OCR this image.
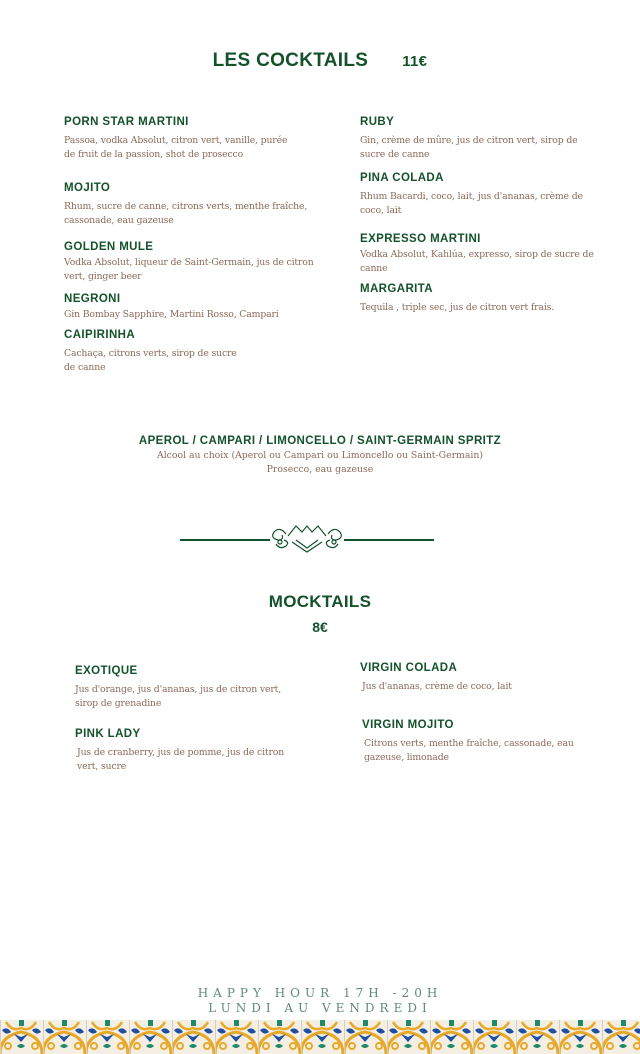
LES COCKTAILS 11€
PORN STAR MARTINI
Passoa, vodka Absolut, citron vert, vanille, purée
de fruit de la passion, shot de prosecco
MOJITO
Rhum, sucre de canne, citrons verts, menthe fraîche,
cassonade, eau gazeuse
GOLDEN MULE
Vodka Absolut, liqueur de Saint-Germain, jus de citron
vert, ginger beer
NEGRONI
Gin Bombay Sapphire, Martini Rosso, Campari
CAIPIRINHA
Cachaça, citrons verts, sirop de sucre
de canne
RUBY
Gin, crème de mûre, jus de citron vert, sirop de
sucre de canne
PINA COLADA
Rhum Bacardi, coco, lait, jus d'ananas, crème de
coco, lait
EXPRESSO MARTINI
Vodka Absolut, Kahlúa, expresso, sirop de sucre de
canne
MARGARITA
Tequila , triple sec, jus de citron vert frais.
APEROL / CAMPARI / LIMONCELLO / SAINT-GERMAIN SPRITZ
Alcool au choix (Aperol ou Campari ou Limoncello ou Saint-Germain)
Prosecco, eau gazeuse
MOCKTAILS
8€
EXOTIQUE
Jus d'orange, jus d'ananas, jus de citron vert,
sirop de grenadine
PINK LADY
Jus de cranberry, jus de pomme, jus de citron
vert, sucre
VIRGIN COLADA
Jus d'ananas, crème de coco, lait
VIRGIN MOJITO
Citrons verts, menthe fraîche, cassonade, eau
gazeuse, limonade
HAPPY HOUR 17H -20H
LUNDI AU VENDREDI
